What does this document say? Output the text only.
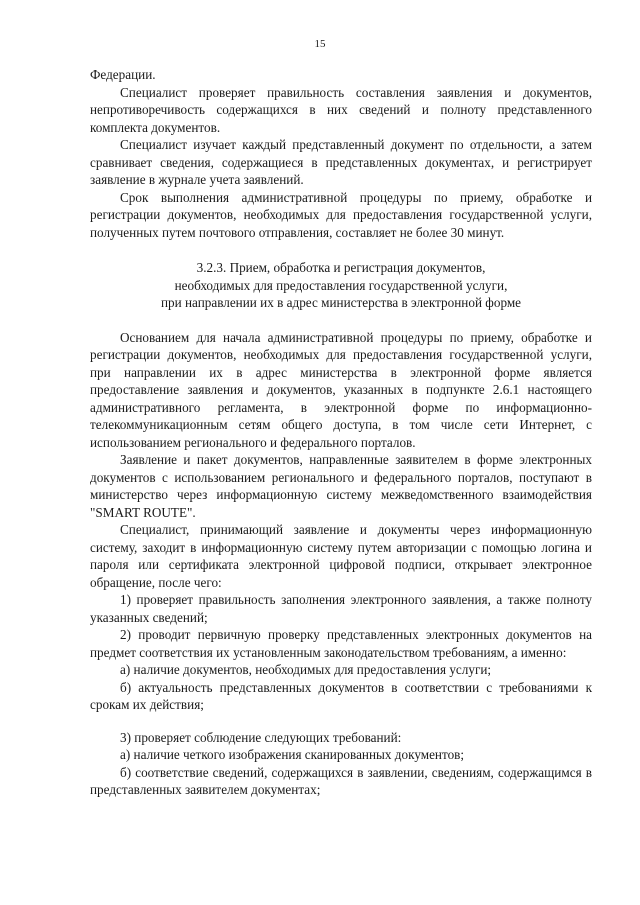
15

Федерации.

Специалист проверяет правильность составления заявления и документов, непротиворечивость содержащихся в них сведений и полноту представленного комплекта документов.

Специалист изучает каждый представленный документ по отдельности, а затем сравнивает сведения, содержащиеся в представленных документах, и регистрирует заявление в журнале учета заявлений.

Срок выполнения административной процедуры по приему, обработке и регистрации документов, необходимых для предоставления государственной услуги, полученных путем почтового отправления, составляет не более 30 минут.

3.2.3. Прием, обработка и регистрация документов,
необходимых для предоставления государственной услуги,
при направлении их в адрес министерства в электронной форме

Основанием для начала административной процедуры по приему, обработке и регистрации документов, необходимых для предоставления государственной услуги, при направлении их в адрес министерства в электронной форме является предоставление заявления и документов, указанных в подпункте 2.6.1 настоящего административного регламента, в электронной форме по информационно-телекоммуникационным сетям общего доступа, в том числе сети Интернет, с использованием регионального и федерального порталов.

Заявление и пакет документов, направленные заявителем в форме электронных документов с использованием регионального и федерального порталов, поступают в министерство через информационную систему межведомственного взаимодействия "SMART ROUTE".

Специалист, принимающий заявление и документы через информационную систему, заходит в информационную систему путем авторизации с помощью логина и пароля или сертификата электронной цифровой подписи, открывает электронное обращение, после чего:

1) проверяет правильность заполнения электронного заявления, а также полноту указанных сведений;

2) проводит первичную проверку представленных электронных документов на предмет соответствия их установленным законодательством требованиям, а именно:

а) наличие документов, необходимых для предоставления услуги;

б) актуальность представленных документов в соответствии с требованиями к срокам их действия;

3) проверяет соблюдение следующих требований:

а) наличие четкого изображения сканированных документов;

б) соответствие сведений, содержащихся в заявлении, сведениям, содержащимся в представленных заявителем документах;
